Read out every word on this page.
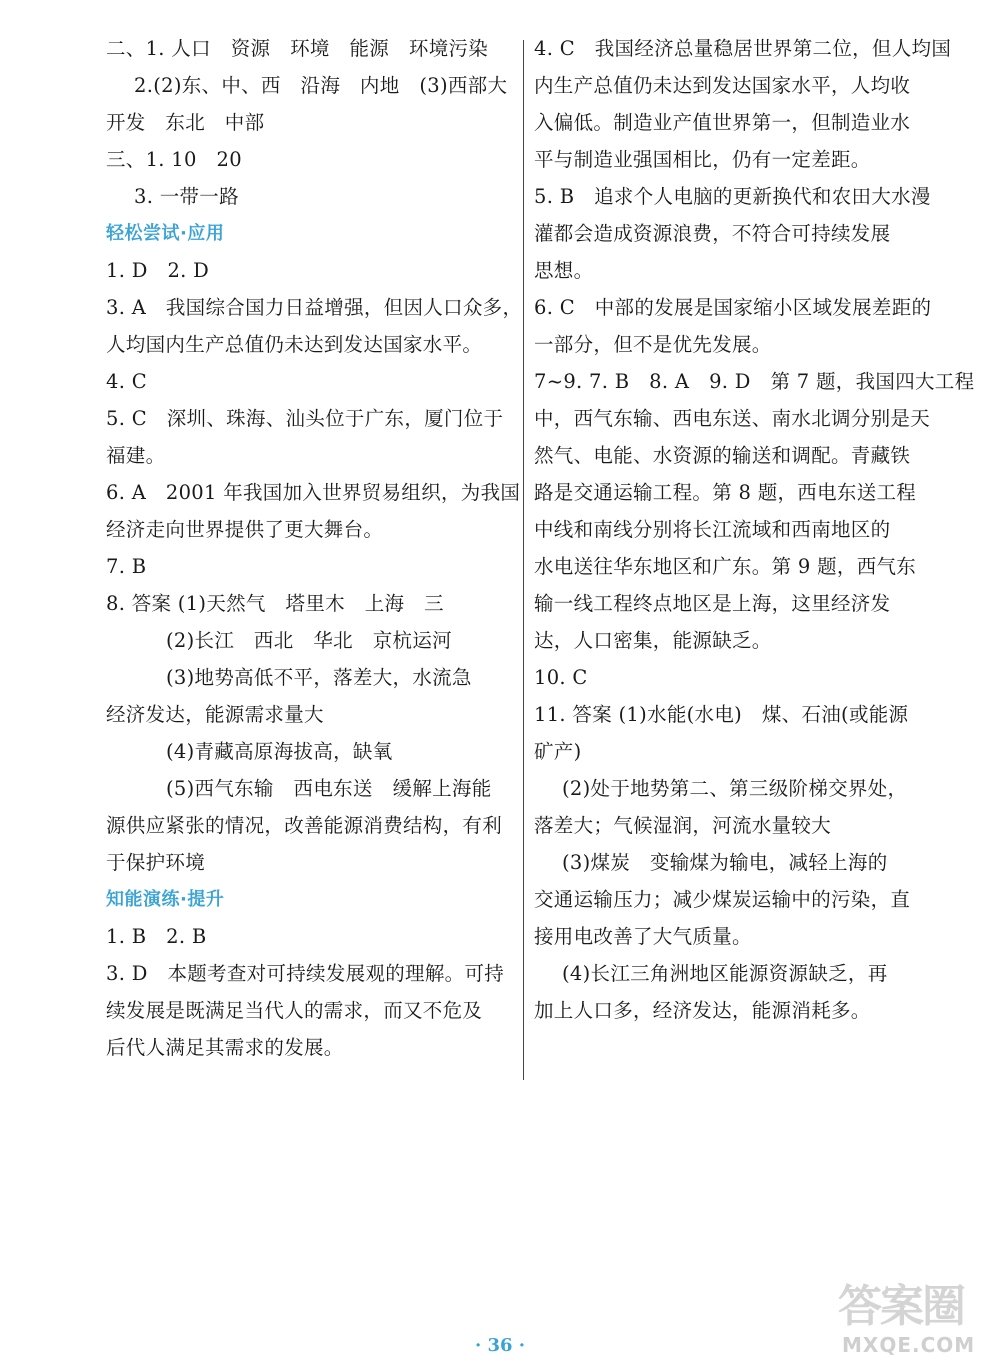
二、1. 人口　资源　环境　能源　环境污染
2.(2)东、中、西　沿海　内地　(3)西部大
开发　东北　中部
三、1. 10　20
3. 一带一路
轻松尝试·应用
1. D　2. D
3. A　我国综合国力日益增强，但因人口众多，
人均国内生产总值仍未达到发达国家水平。
4. C
5. C　深圳、珠海、汕头位于广东，厦门位于
福建。
6. A　2001 年我国加入世界贸易组织，为我国
经济走向世界提供了更大舞台。
7. B
8. 答案 (1)天然气　塔里木　上海　三
(2)长江　西北　华北　京杭运河
(3)地势高低不平，落差大，水流急
经济发达，能源需求量大
(4)青藏高原海拔高，缺氧
(5)西气东输　西电东送　缓解上海能
源供应紧张的情况，改善能源消费结构，有利
于保护环境
知能演练·提升
1. B　2. B
3. D　本题考查对可持续发展观的理解。可持
续发展是既满足当代人的需求，而又不危及
后代人满足其需求的发展。
4. C　我国经济总量稳居世界第二位，但人均国
内生产总值仍未达到发达国家水平，人均收
入偏低。制造业产值世界第一，但制造业水
平与制造业强国相比，仍有一定差距。
5. B　追求个人电脑的更新换代和农田大水漫
灌都会造成资源浪费，不符合可持续发展
思想。
6. C　中部的发展是国家缩小区域发展差距的
一部分，但不是优先发展。
7~9. 7. B　8. A　9. D　第 7 题，我国四大工程
中，西气东输、西电东送、南水北调分别是天
然气、电能、水资源的输送和调配。青藏铁
路是交通运输工程。第 8 题，西电东送工程
中线和南线分别将长江流域和西南地区的
水电送往华东地区和广东。第 9 题，西气东
输一线工程终点地区是上海，这里经济发
达，人口密集，能源缺乏。
10. C
11. 答案 (1)水能(水电)　煤、石油(或能源
矿产)
(2)处于地势第二、第三级阶梯交界处，
落差大；气候湿润，河流水量较大
(3)煤炭　变输煤为输电，减轻上海的
交通运输压力；减少煤炭运输中的污染，直
接用电改善了大气质量。
(4)长江三角洲地区能源资源缺乏，再
加上人口多，经济发达，能源消耗多。
· 36 ·
答案圈
MXQE.COM
